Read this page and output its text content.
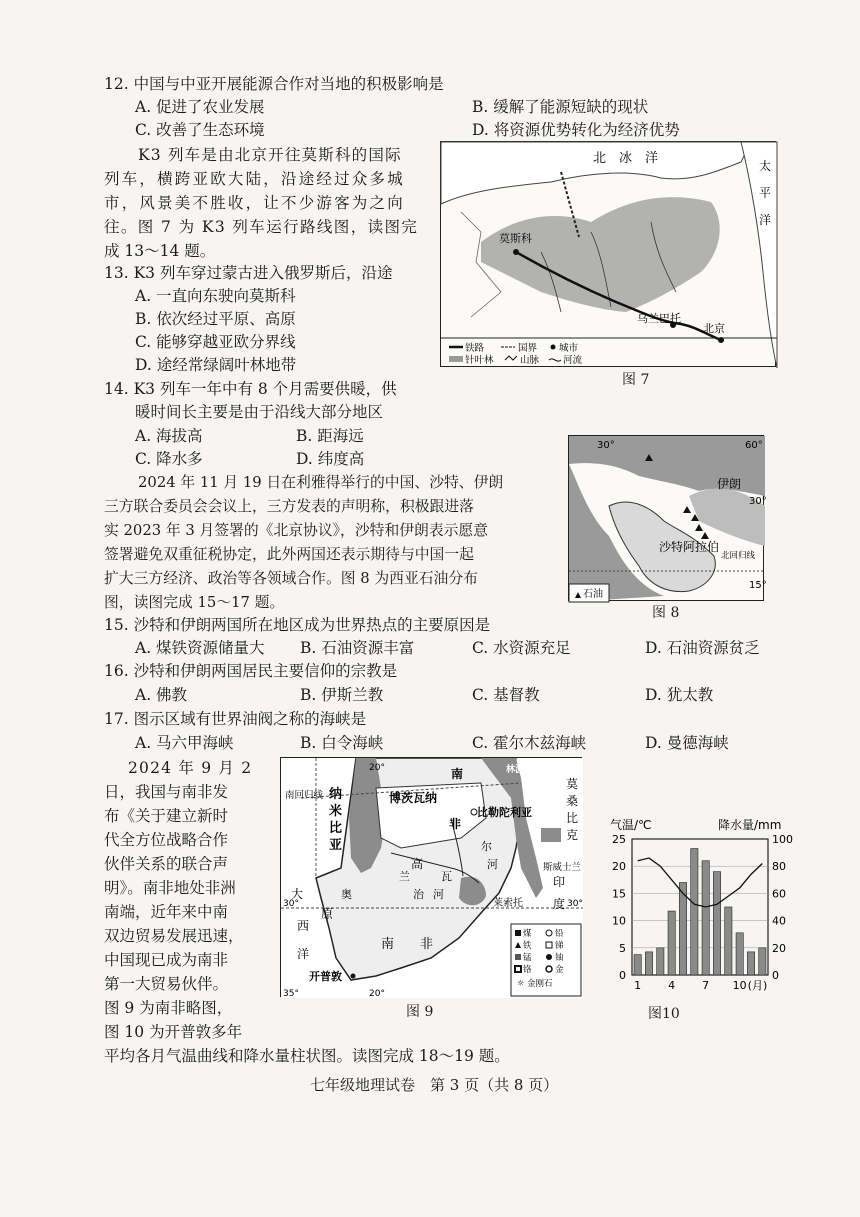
12. 中国与中亚开展能源合作对当地的积极影响是
A. 促进了农业发展	B. 缓解了能源短缺的现状
C. 改善了生态环境	D. 将资源优势转化为经济优势
K3 列车是由北京开往莫斯科的国际
列车，横跨亚欧大陆，沿途经过众多城
市，风景美不胜收，让不少游客为之向
往。图 7 为 K3 列车运行路线图，读图完
成 13～14 题。
13. K3 列车穿过蒙古进入俄罗斯后，沿途
A. 一直向东驶向莫斯科
B. 依次经过平原、高原
C. 能够穿越亚欧分界线
D. 途经常绿阔叶林地带
14. K3 列车一年中有 8 个月需要供暖，供
暖时间长主要是由于沿线大部分地区
A. 海拔高	B. 距海远
C. 降水多	D. 纬度高
2024 年 11 月 19 日在利雅得举行的中国、沙特、伊朗
三方联合委员会会议上，三方发表的声明称，积极跟进落
实 2023 年 3 月签署的《北京协议》，沙特和伊朗表示愿意
签署避免双重征税协定，此外两国还表示期待与中国一起
扩大三方经济、政治等各领域合作。图 8 为西亚石油分布
图，读图完成 15～17 题。
15. 沙特和伊朗两国所在地区成为世界热点的主要原因是
A. 煤铁资源储量大 B. 石油资源丰富	C. 水资源充足	D. 石油资源贫乏
16. 沙特和伊朗两国居民主要信仰的宗教是
A. 佛教	B. 伊斯兰教	C. 基督教	D. 犹太教
17. 图示区域有世界油阀之称的海峡是
A. 马六甲海峡	B. 白令海峡	C. 霍尔木兹海峡	D. 曼德海峡
2024 年 9 月 2
日，我国与南非发
布《关于建立新时
代全方位战略合作
伙伴关系的联合声
明》。南非地处非洲
南端，近年来中南
双边贸易发展迅速，
中国现已成为南非
第一大贸易伙伴。
图 9 为南非略图，
图 10 为开普敦多年
平均各月气温曲线和降水量柱状图。读图完成 18～19 题。
七年级地理试卷　第 3 页（共 8 页）
北　冰　洋	太
平
洋
莫斯科
乌兰巴托
北京
铁路	国界 城市
针叶林	山脉	河流
图 7
30°	60°
30°
15°
伊朗
沙特阿拉伯
北回归线
石油
图 8
20°
南回归线
30°	30°
35°	20°
纳
米
比
亚
博茨瓦纳
南
非
林波布
莫
桑
比
克
比勒陀利亚
高
尔
河
瓦
斯威士兰
莱索托
大
西
洋
印
度
奥
兰
治 河
原
南　　非
开普敦
煤	铅
铁	锑
锰	铀
铬	金
☼ 金刚石
图 9
气温/℃	降水量/mm
0	0
5	20
10	40
15	60
20	80
25	100
1 4 7 10 (月)
图10
